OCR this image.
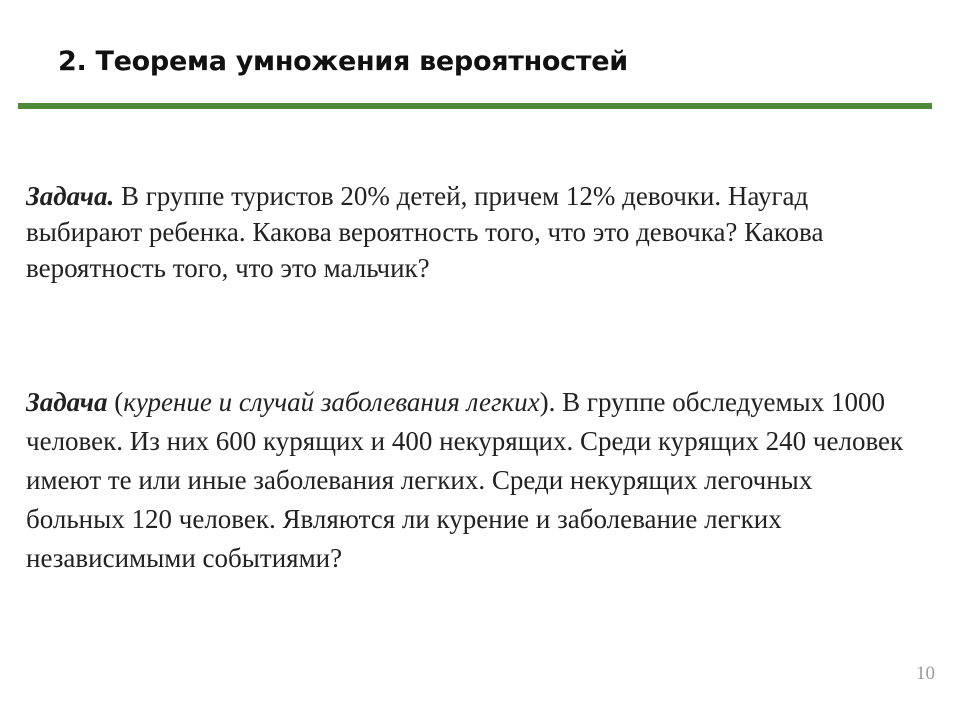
2. Теорема умножения вероятностей

Задача. В группе туристов 20% детей, причем 12% девочки. Наугад выбирают ребенка. Какова вероятность того, что это девочка? Какова вероятность того, что это мальчик?

Задача (курение и случай заболевания легких). В группе обследуемых 1000 человек. Из них 600 курящих и 400 некурящих. Среди курящих 240 человек имеют те или иные заболевания легких. Среди некурящих легочных больных 120 человек. Являются ли курение и заболевание легких независимыми событиями?

10
